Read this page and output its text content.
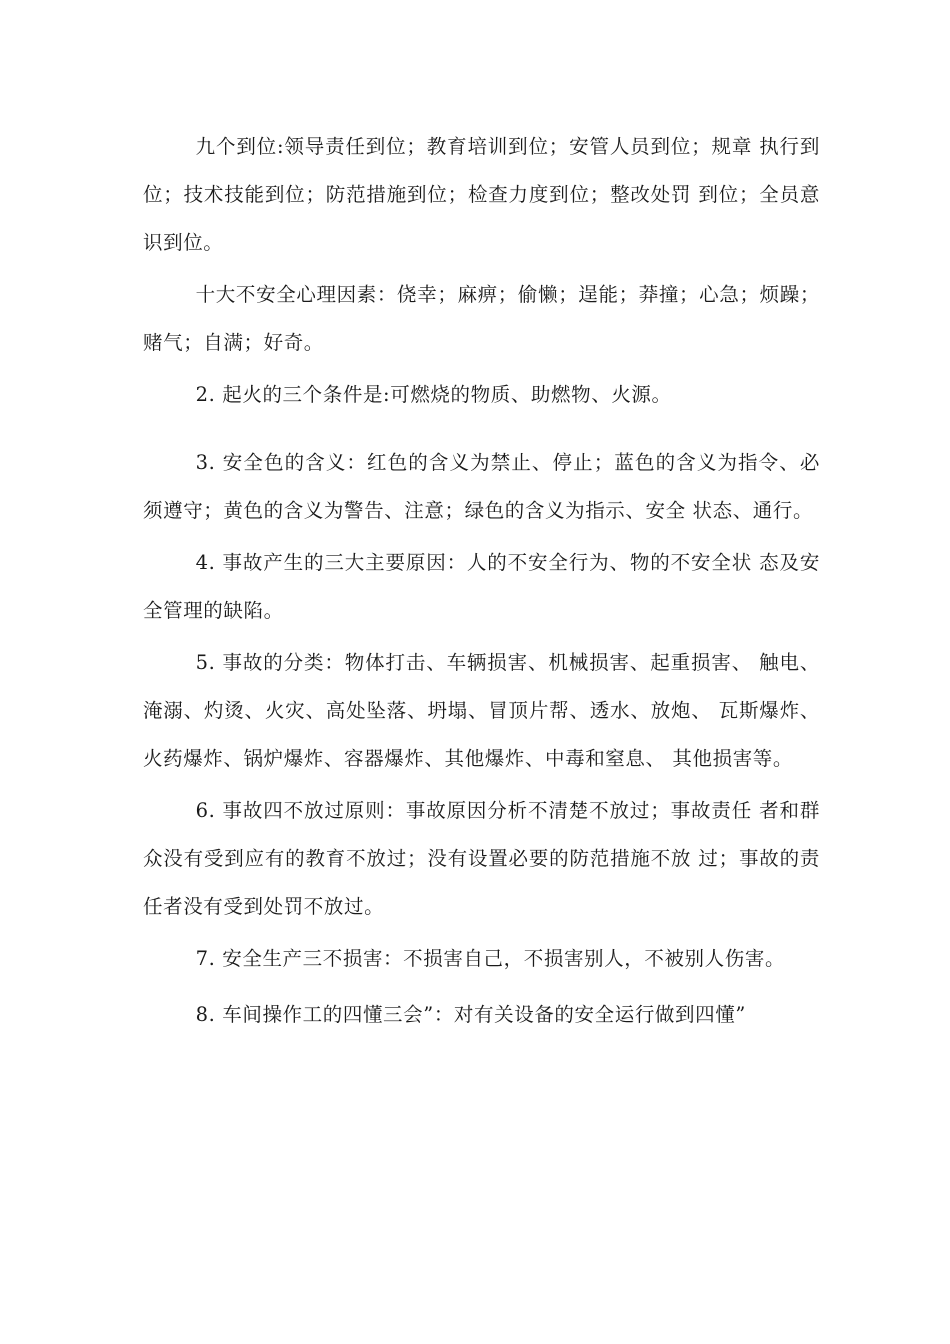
九个到位:领导责任到位；教育培训到位；安管人员到位；规章 执行到位；技术技能到位；防范措施到位；检查力度到位；整改处罚 到位；全员意识到位。

十大不安全心理因素：侥幸；麻痹；偷懒；逞能；莽撞；心急；烦躁；赌气；自满；好奇。

2. 起火的三个条件是:可燃烧的物质、助燃物、火源。

3. 安全色的含义：红色的含义为禁止、停止；蓝色的含义为指令、必须遵守；黄色的含义为警告、注意；绿色的含义为指示、安全 状态、通行。

4. 事故产生的三大主要原因：人的不安全行为、物的不安全状 态及安全管理的缺陷。

5. 事故的分类：物体打击、车辆损害、机械损害、起重损害、 触电、淹溺、灼烫、火灾、高处坠落、坍塌、冒顶片帮、透水、放炮、 瓦斯爆炸、火药爆炸、锅炉爆炸、容器爆炸、其他爆炸、中毒和窒息、 其他损害等。

6. 事故四不放过原则：事故原因分析不清楚不放过；事故责任 者和群众没有受到应有的教育不放过；没有设置必要的防范措施不放 过；事故的责任者没有受到处罚不放过。

7. 安全生产三不损害：不损害自己，不损害别人，不被别人伤害。

8. 车间操作工的四懂三会”：对有关设备的安全运行做到四懂”
